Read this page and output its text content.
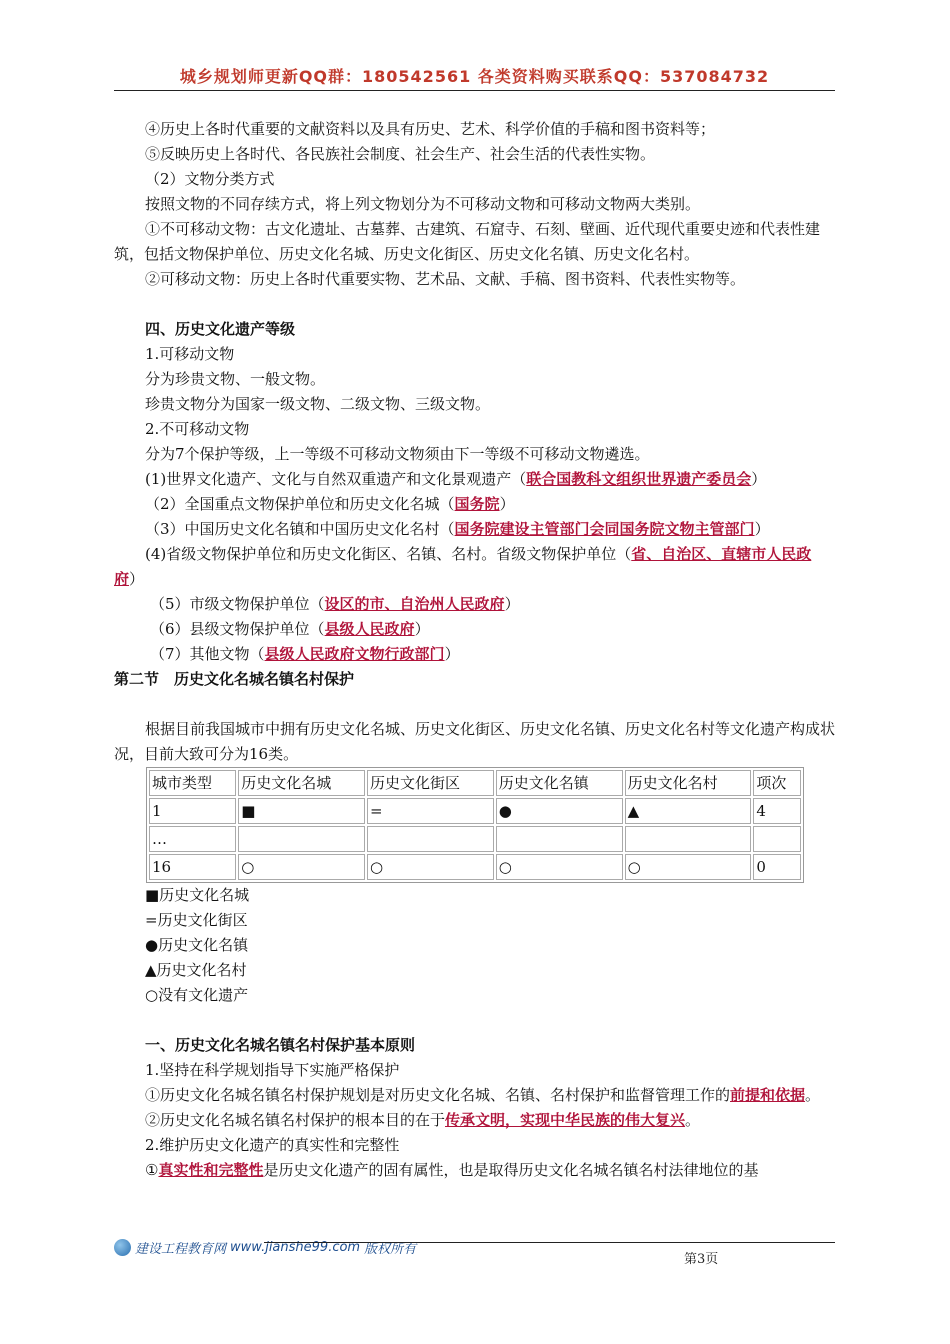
城乡规划师更新QQ群：180542561 各类资料购买联系QQ：537084732

④历史上各时代重要的文献资料以及具有历史、艺术、科学价值的手稿和图书资料等；

⑤反映历史上各时代、各民族社会制度、社会生产、社会生活的代表性实物。

（2）文物分类方式

按照文物的不同存续方式，将上列文物划分为不可移动文物和可移动文物两大类别。

①不可移动文物：古文化遗址、古墓葬、古建筑、石窟寺、石刻、壁画、近代现代重要史迹和代表性建筑，包括文物保护单位、历史文化名城、历史文化街区、历史文化名镇、历史文化名村。

②可移动文物：历史上各时代重要实物、艺术品、文献、手稿、图书资料、代表性实物等。

四、历史文化遗产等级

1.可移动文物

分为珍贵文物、一般文物。

珍贵文物分为国家一级文物、二级文物、三级文物。

2.不可移动文物

分为7个保护等级，上一等级不可移动文物须由下一等级不可移动文物遴选。

(1)世界文化遗产、文化与自然双重遗产和文化景观遗产（联合国教科文组织世界遗产委员会）

（2）全国重点文物保护单位和历史文化名城（国务院）

（3）中国历史文化名镇和中国历史文化名村（国务院建设主管部门会同国务院文物主管部门）

(4)省级文物保护单位和历史文化街区、名镇、名村。省级文物保护单位（省、自治区、直辖市人民政府）

（5）市级文物保护单位（设区的市、自治州人民政府）

（6）县级文物保护单位（县级人民政府）

（7）其他文物（县级人民政府文物行政部门）

第二节　历史文化名城名镇名村保护

根据目前我国城市中拥有历史文化名城、历史文化街区、历史文化名镇、历史文化名村等文化遗产构成状况，目前大致可分为16类。

城市类型	历史文化名城	历史文化街区	历史文化名镇	历史文化名村	项次
1	■	=	●	▲	4
…					
16	○	○	○	○	0

■历史文化名城

=历史文化街区

●历史文化名镇

▲历史文化名村

○没有文化遗产

一、历史文化名城名镇名村保护基本原则

1.坚持在科学规划指导下实施严格保护

①历史文化名城名镇名村保护规划是对历史文化名城、名镇、名村保护和监督管理工作的前提和依据。

②历史文化名城名镇名村保护的根本目的在于传承文明，实现中华民族的伟大复兴。

2.维护历史文化遗产的真实性和完整性

①真实性和完整性是历史文化遗产的固有属性，也是取得历史文化名城名镇名村法律地位的基

建设工程教育网 www.jianshe99.com 版权所有
第3页
